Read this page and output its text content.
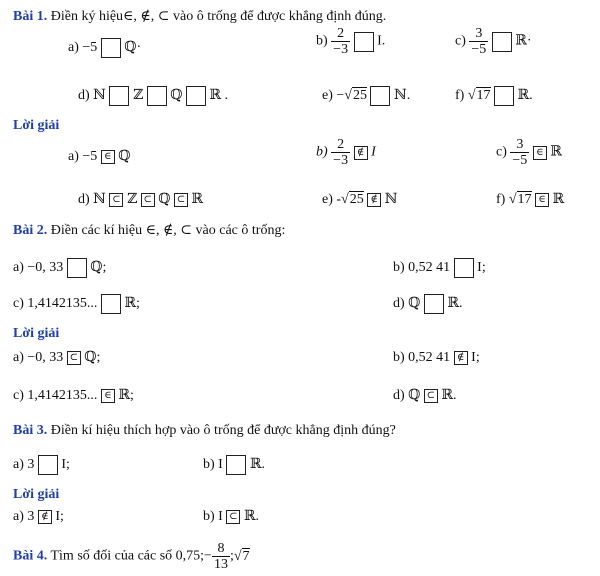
Bài 1. Điền ký hiệu∈, ∉, ⊂ vào ô trống để được khẳng định đúng.
a) −5 ℚ·	$b) \frac{2}{-3} I$.	$c) \frac{3}{-5}$ ℝ·
d) ℕ ℤ ℚ ℝ .	e) −√25 ℕ.	f) √17 ℝ.
Lời giải
a) −5 ∈ ℚ	$b) \frac{2}{-3}$ ∉ I	$c) \frac{3}{-5}$ ∈ ℝ
d) ℕ ⊂ ℤ ⊂ ℚ ⊂ ℝ	e) -√25 ∉ ℕ	f) √17 ∈ ℝ
Bài 2. Điền các kí hiệu ∈, ∉, ⊂ vào các ô trống:
a) −0, 33 ℚ;	b) 0,52 41 I;
c) 1,4142135... ℝ;	d) ℚ ℝ.
Lời giải
a) −0, 33 ⊂ ℚ;	b) 0,52 41 ∉ I;
c) 1,4142135... ∈ ℝ;	d) ℚ ⊂ ℝ.
Bài 3. Điền kí hiệu thích hợp vào ô trống để được khẳng định đúng?
a) 3 I;	b) I ℝ.
Lời giải
a) 3 ∉ I;	b) I ⊂ ℝ.
Bài 4. Tìm số đối của các số 0,75;− $\frac{8}{13}$ ;√7
